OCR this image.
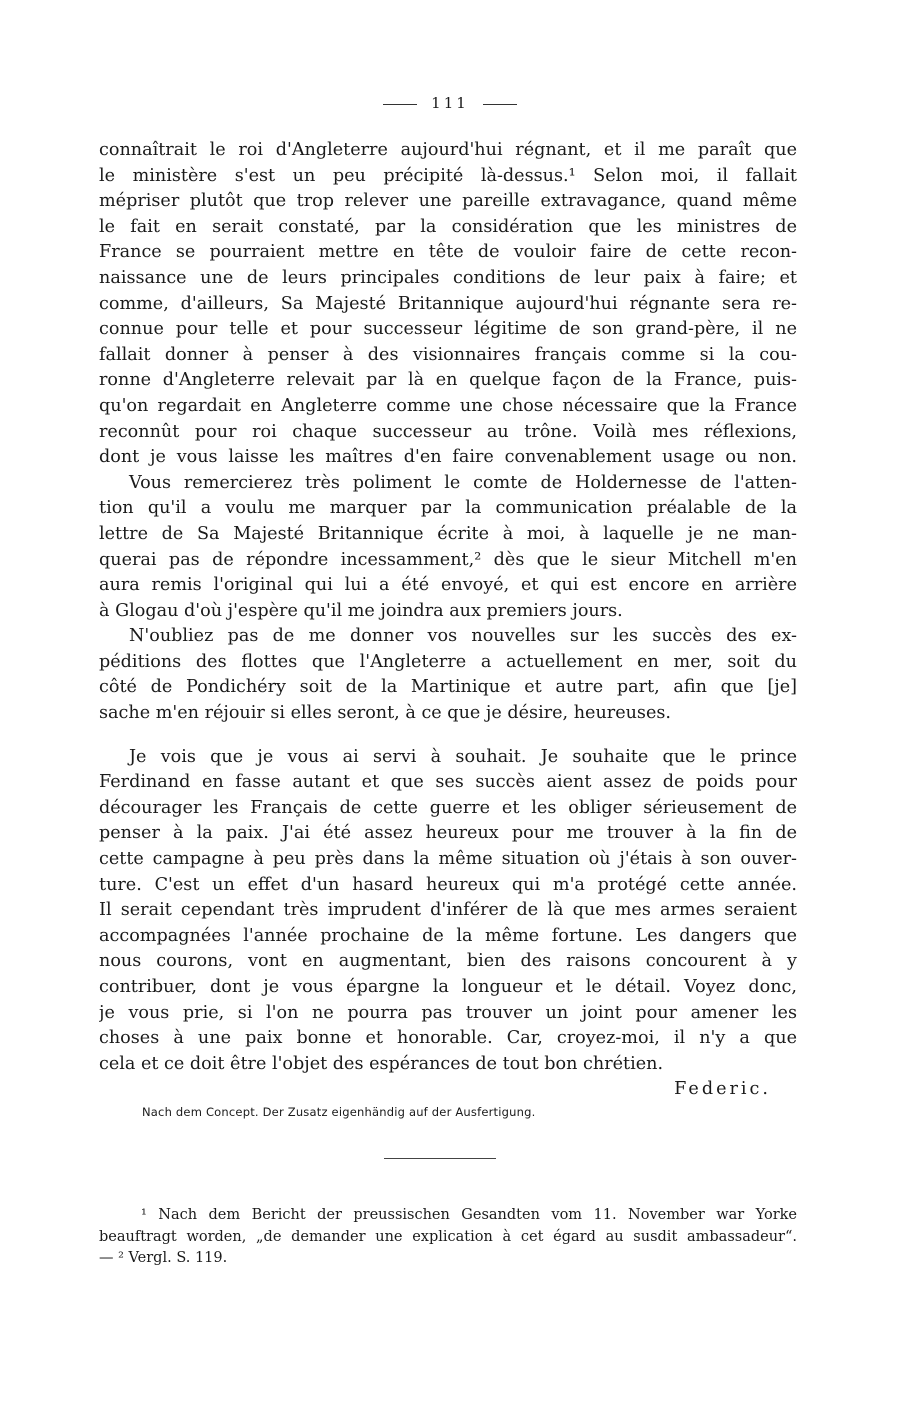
111
connaîtrait le roi d'Angleterre aujourd'hui régnant, et il me paraît que
le ministère s'est un peu précipité là-dessus.¹ Selon moi, il fallait
mépriser plutôt que trop relever une pareille extravagance, quand même
le fait en serait constaté, par la considération que les ministres de
France se pourraient mettre en tête de vouloir faire de cette recon-
naissance une de leurs principales conditions de leur paix à faire; et
comme, d'ailleurs, Sa Majesté Britannique aujourd'hui régnante sera re-
connue pour telle et pour successeur légitime de son grand-père, il ne
fallait donner à penser à des visionnaires français comme si la cou-
ronne d'Angleterre relevait par là en quelque façon de la France, puis-
qu'on regardait en Angleterre comme une chose nécessaire que la France
reconnût pour roi chaque successeur au trône. Voilà mes réflexions,
dont je vous laisse les maîtres d'en faire convenablement usage ou non.
Vous remercierez très poliment le comte de Holdernesse de l'atten-
tion qu'il a voulu me marquer par la communication préalable de la
lettre de Sa Majesté Britannique écrite à moi, à laquelle je ne man-
querai pas de répondre incessamment,² dès que le sieur Mitchell m'en
aura remis l'original qui lui a été envoyé, et qui est encore en arrière
à Glogau d'où j'espère qu'il me joindra aux premiers jours.
N'oubliez pas de me donner vos nouvelles sur les succès des ex-
péditions des flottes que l'Angleterre a actuellement en mer, soit du
côté de Pondichéry soit de la Martinique et autre part, afin que [je]
sache m'en réjouir si elles seront, à ce que je désire, heureuses.
Je vois que je vous ai servi à souhait. Je souhaite que le prince
Ferdinand en fasse autant et que ses succès aient assez de poids pour
décourager les Français de cette guerre et les obliger sérieusement de
penser à la paix. J'ai été assez heureux pour me trouver à la fin de
cette campagne à peu près dans la même situation où j'étais à son ouver-
ture. C'est un effet d'un hasard heureux qui m'a protégé cette année.
Il serait cependant très imprudent d'inférer de là que mes armes seraient
accompagnées l'année prochaine de la même fortune. Les dangers que
nous courons, vont en augmentant, bien des raisons concourent à y
contribuer, dont je vous épargne la longueur et le détail. Voyez donc,
je vous prie, si l'on ne pourra pas trouver un joint pour amener les
choses à une paix bonne et honorable. Car, croyez-moi, il n'y a que
cela et ce doit être l'objet des espérances de tout bon chrétien.
Federic.
Nach dem Concept. Der Zusatz eigenhändig auf der Ausfertigung.
¹ Nach dem Bericht der preussischen Gesandten vom 11. November war Yorke
beauftragt worden, „de demander une explication à cet égard au susdit ambassadeur“.
— ² Vergl. S. 119.
